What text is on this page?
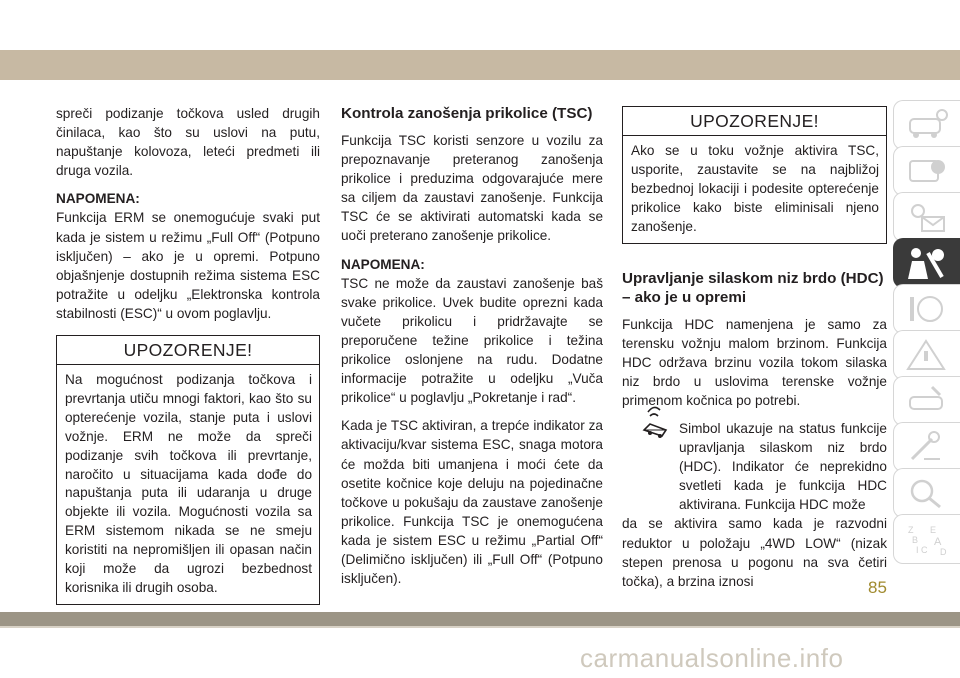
spreči podizanje točkova usled drugih činilaca, kao što su uslovi na putu, napuštanje kolovoza, leteći predmeti ili druga vozila.

NAPOMENA:
Funkcija ERM se onemogućuje svaki put kada je sistem u režimu „Full Off“ (Potpuno isključen) – ako je u opremi. Potpuno objašnjenje dostupnih režima sistema ESC potražite u odeljku „Elektronska kontrola stabilnosti (ESC)“ u ovom poglavlju.

UPOZORENJE!
Na mogućnost podizanja točkova i prevrtanja utiču mnogi faktori, kao što su opterećenje vozila, stanje puta i uslovi vožnje. ERM ne može da spreči podizanje svih točkova ili prevrtanje, naročito u situacijama kada dođe do napuštanja puta ili udaranja u druge objekte ili vozila. Mogućnosti vozila sa ERM sistemom nikada se ne smeju koristiti na nepromišljen ili opasan način koji može da ugrozi bezbednost korisnika ili drugih osoba.
Kontrola zanošenja prikolice (TSC)

Funkcija TSC koristi senzore u vozilu za prepoznavanje preteranog zanošenja prikolice i preduzima odgovarajuće mere sa ciljem da zaustavi zanošenje. Funkcija TSC će se aktivirati automatski kada se uoči preterano zanošenje prikolice.

NAPOMENA:
TSC ne može da zaustavi zanošenje baš svake prikolice. Uvek budite oprezni kada vučete prikolicu i pridržavajte se preporučene težine prikolice i težina prikolice oslonjene na rudu. Dodatne informacije potražite u odeljku „Vuča prikolice“ u poglavlju „Pokretanje i rad“.

Kada je TSC aktiviran, a trepće indikator za aktivaciju/kvar sistema ESC, snaga motora će možda biti umanjena i moći ćete da osetite kočnice koje deluju na pojedinačne točkove u pokušaju da zaustave zanošenje prikolice. Funkcija TSC je onemogućena kada je sistem ESC u režimu „Partial Off“ (Delimično isključen) ili „Full Off“ (Potpuno isključen).

UPOZORENJE!
Ako se u toku vožnje aktivira TSC, usporite, zaustavite se na najbližoj bezbednoj lokaciji i podesite opterećenje prikolice kako biste eliminisali njeno zanošenje.
Upravljanje silaskom niz brdo (HDC) – ako je u opremi

Funkcija HDC namenjena je samo za terensku vožnju malom brzinom. Funkcija HDC održava brzinu vozila tokom silaska niz brdo u uslovima terenske vožnje primenom kočnica po potrebi.

Simbol ukazuje na status funkcije upravljanja silaskom niz brdo (HDC). Indikator će neprekidno svetleti kada je funkcija HDC aktivirana. Funkcija HDC može

da se aktivira samo kada je razvodni reduktor u položaju „4WD LOW“ (nizak stepen prenosa u pogonu na sva četiri točka), a brzina iznosi

Z E
B A
I C D
85
carmanualsonline.info
